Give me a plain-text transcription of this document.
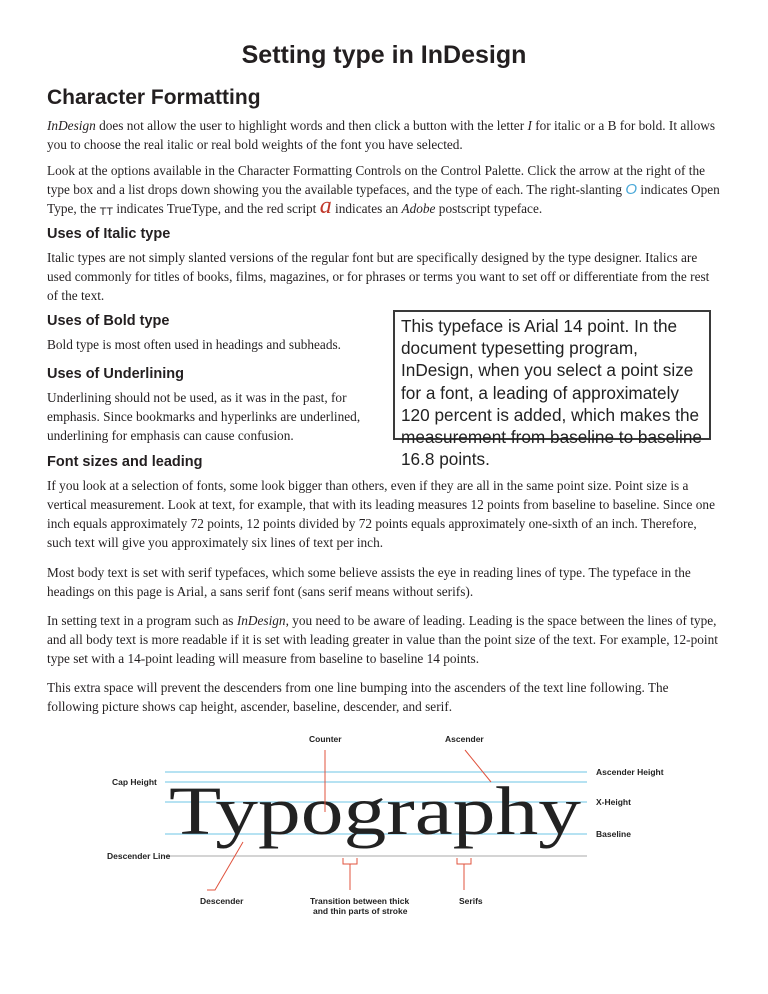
Setting type in InDesign
Character Formatting

InDesign does not allow the user to highlight words and then click a button with the letter I for italic or a B for bold. It allows you to choose the real italic or real bold weights of the font you have selected.

Look at the options available in the Character Formatting Controls on the Control Palette. Click the arrow at the right of the type box and a list drops down showing you the available typefaces, and the type of each. The right-slanting O indicates Open Type, the TT indicates TrueType, and the red script a indicates an Adobe postscript typeface.

Uses of Italic type

Italic types are not simply slanted versions of the regular font but are specifically designed by the type designer. Italics are used commonly for titles of books, films, magazines, or for phrases or terms you want to set off or differentiate from the rest of the text.

Uses of Bold type

Bold type is most often used in headings and subheads.

Uses of Underlining

Underlining should not be used, as it was in the past, for emphasis. Since bookmarks and hyperlinks are underlined, underlining for emphasis can cause confusion.

This typeface is Arial 14 point. In the document typesetting program, InDesign, when you select a point size for a font, a leading of approximately 120 percent is added, which makes the measurement from baseline to baseline 16.8 points.
Font sizes and leading

If you look at a selection of fonts, some look bigger than others, even if they are all in the same point size. Point size is a vertical measurement. Look at text, for example, that with its leading measures 12 points from baseline to baseline. Since one inch equals approximately 72 points, 12 points divided by 72 points equals approximately one-sixth of an inch. Therefore, such text will give you approximately six lines of text per inch.

Most body text is set with serif typefaces, which some believe assists the eye in reading lines of type. The typeface in the headings on this page is Arial, a sans serif font (sans serif means without serifs).

In setting text in a program such as InDesign, you need to be aware of leading. Leading is the space between the lines of type, and all body text is more readable if it is set with leading greater in value than the point size of the text. For example, 12-point type set with a 14-point leading will measure from baseline to baseline 14 points.

This extra space will prevent the descenders from one line bumping into the ascenders of the text line following. The following picture shows cap height, ascender, baseline, descender, and serif.

Typography
Counter	Ascender
Ascender Height
Cap Height
X-Height
Baseline
Descender Line
Descender	Transition between thick
and thin parts of stroke
Serifs
